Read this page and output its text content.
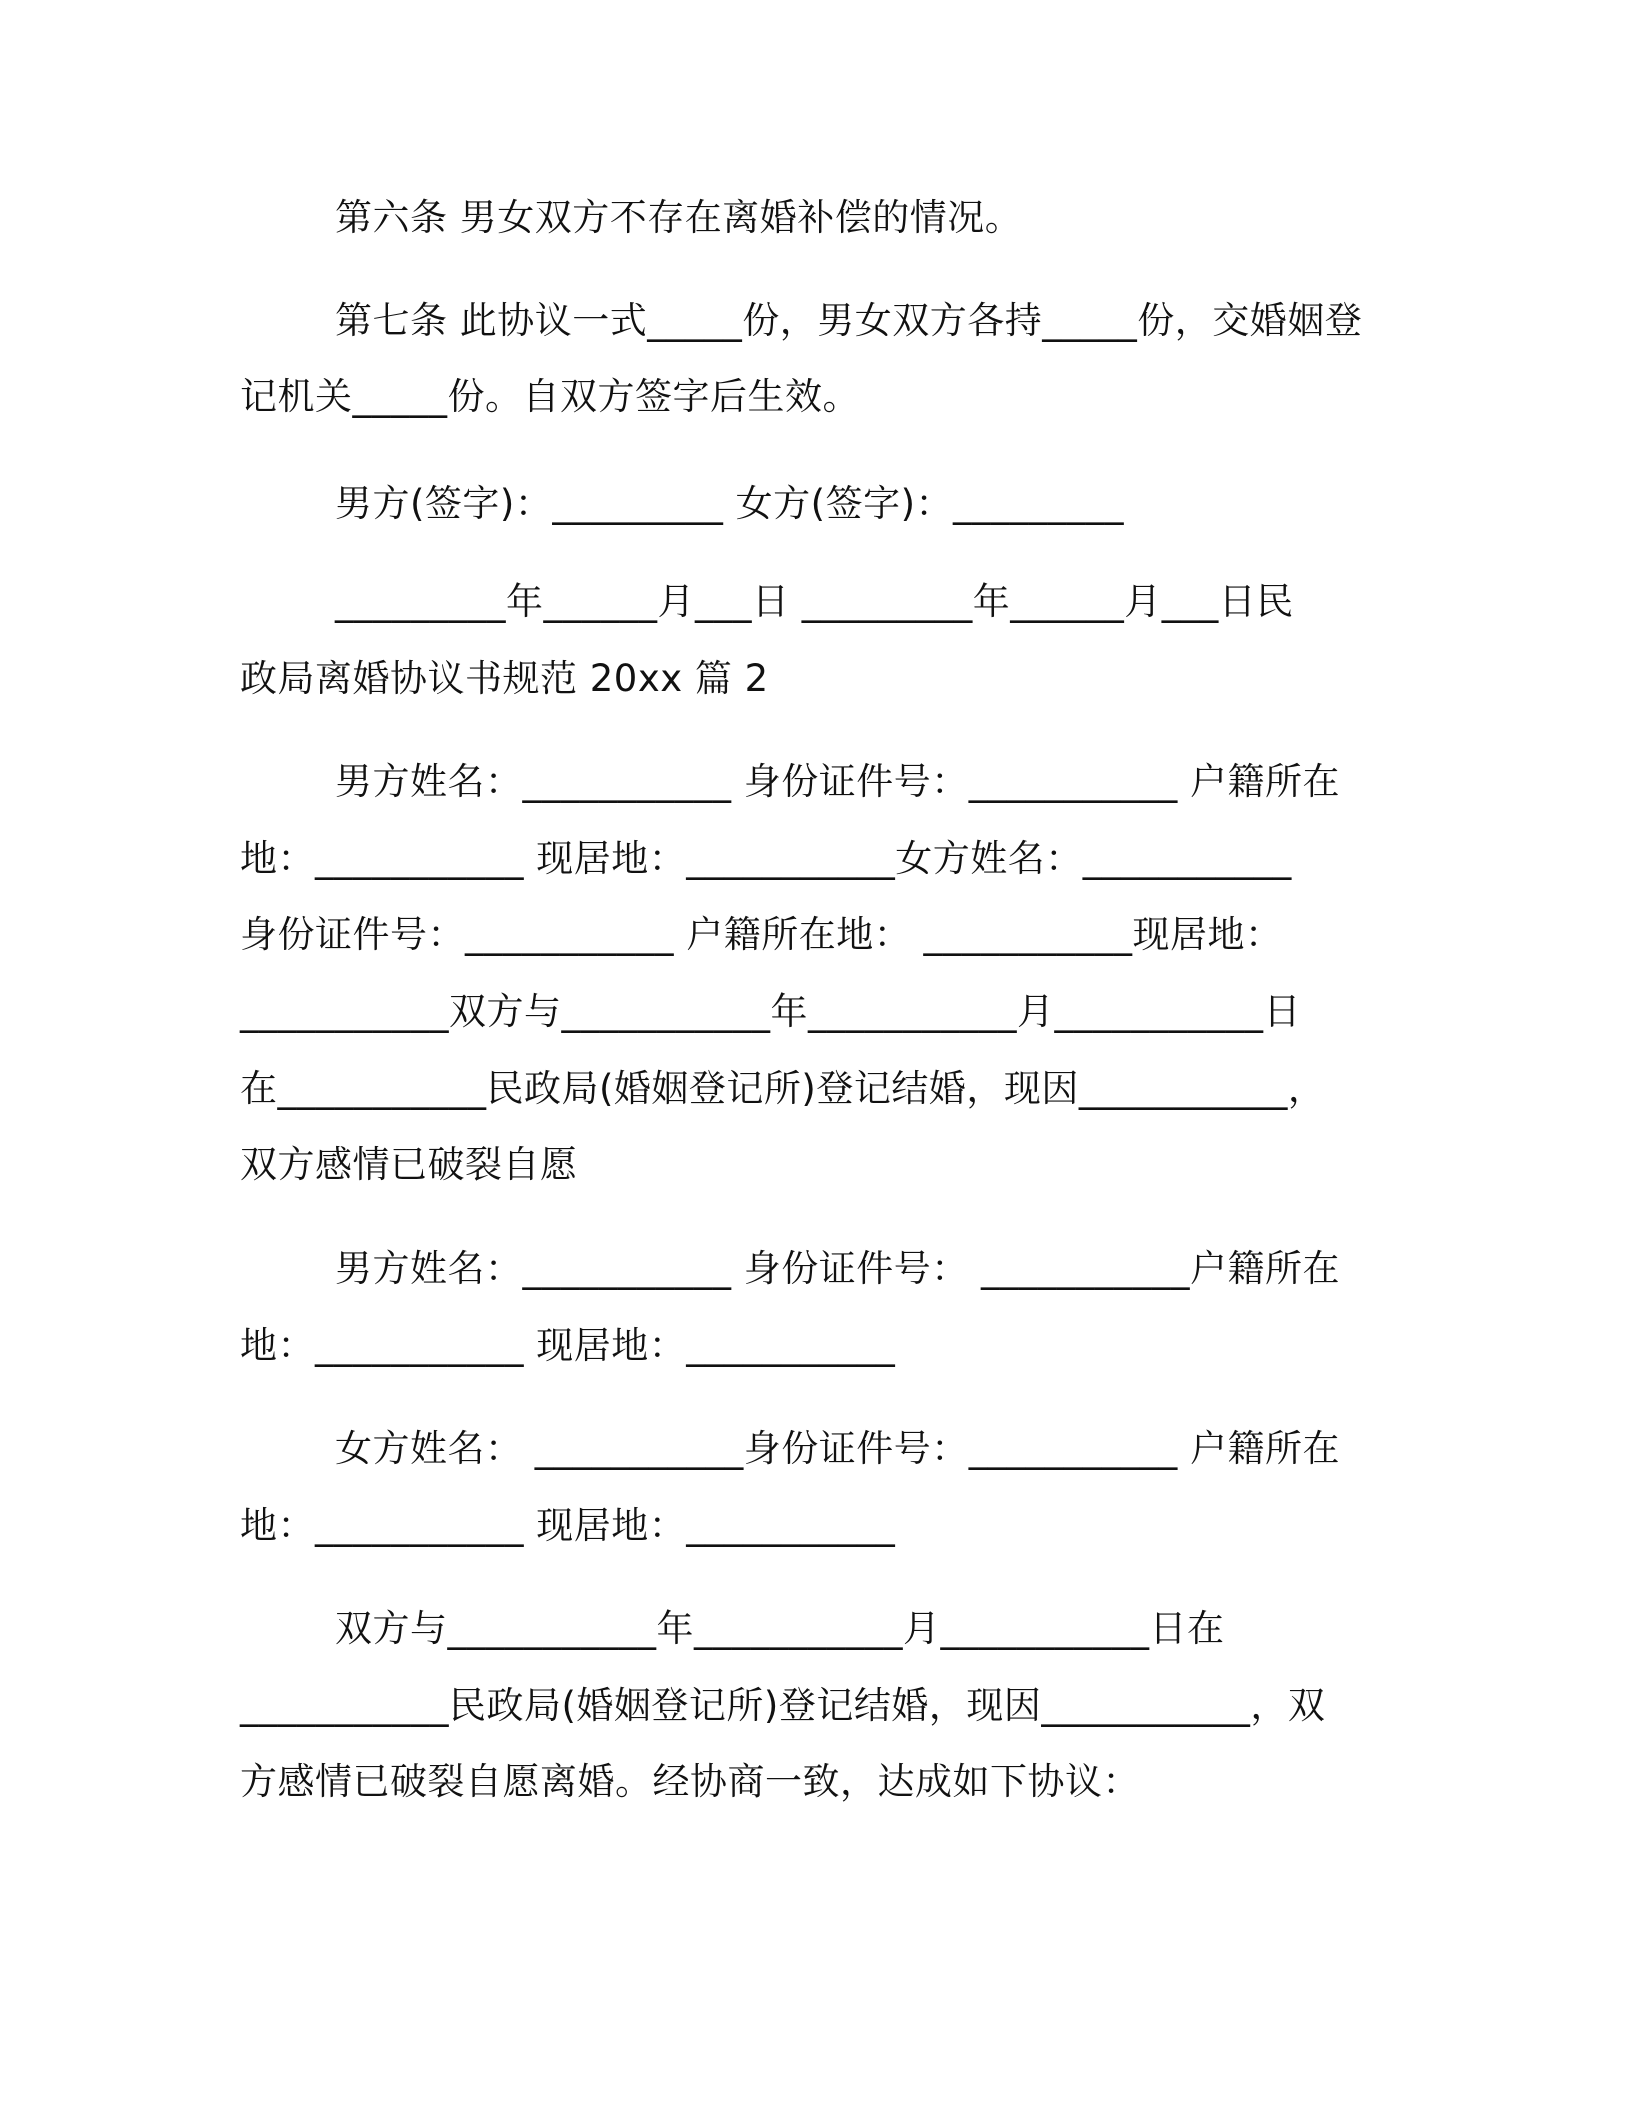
第六条 男女双方不存在离婚补偿的情况。
第七条 此协议一式_____份，男女双方各持_____份，交婚姻登
记机关_____份。自双方签字后生效。
男方(签字)：_________ 女方(签字)：_________
_________年______月___日 _________年______月___日民
政局离婚协议书规范 20xx 篇 2
男方姓名：___________ 身份证件号：___________ 户籍所在
地：___________ 现居地：___________女方姓名：___________
身份证件号：___________ 户籍所在地： ___________现居地：
___________双方与___________年___________月___________日
在___________民政局(婚姻登记所)登记结婚，现因___________，
双方感情已破裂自愿
男方姓名：___________ 身份证件号： ___________户籍所在
地：___________ 现居地：___________
女方姓名： ___________身份证件号：___________ 户籍所在
地：___________ 现居地：___________
双方与___________年___________月___________日在
___________民政局(婚姻登记所)登记结婚，现因___________，双
方感情已破裂自愿离婚。经协商一致，达成如下协议：
